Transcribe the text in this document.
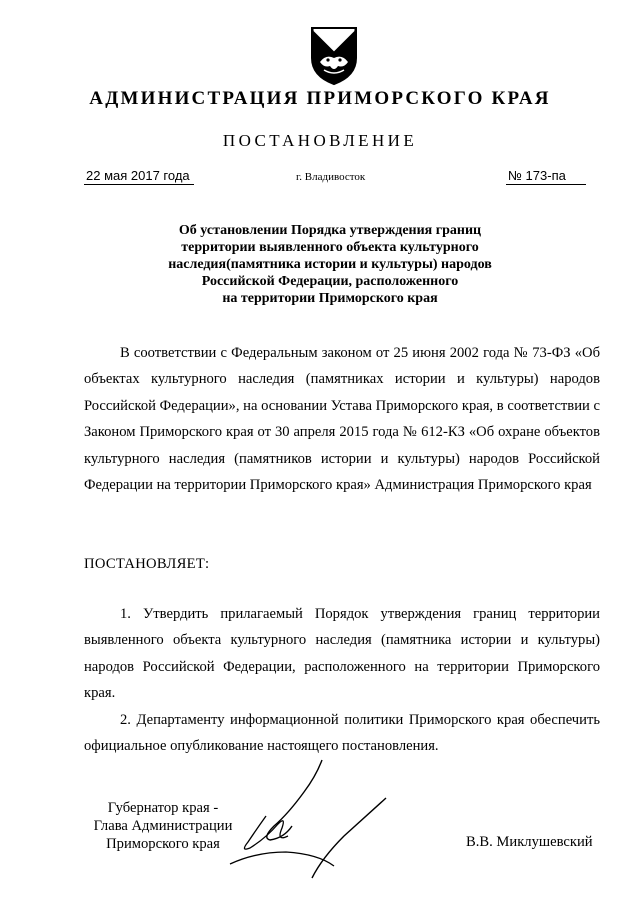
АДМИНИСТРАЦИЯ ПРИМОРСКОГО КРАЯ
ПОСТАНОВЛЕНИЕ
22 мая 2017 года	г. Владивосток	№ 173-па
Об установлении Порядка утверждения границ
территории выявленного объекта культурного
наследия(памятника истории и культуры) народов
Российской Федерации, расположенного
на территории Приморского края
В соответствии с Федеральным законом от 25 июня 2002 года № 73-ФЗ «Об объектах культурного наследия (памятниках истории и культуры) народов Российской Федерации», на основании Устава Приморского края, в соответствии с Законом Приморского края от 30 апреля 2015 года № 612-КЗ «Об охране объектов культурного наследия (памятников истории и культуры) народов Российской Федерации на территории Приморского края» Администрация Приморского края
ПОСТАНОВЛЯЕТ:
1. Утвердить прилагаемый Порядок утверждения границ территории выявленного объекта культурного наследия (памятника истории и культуры) народов Российской Федерации, расположенного на территории Приморского края.
2. Департаменту информационной политики Приморского края обеспечить официальное опубликование настоящего постановления.
Губернатор края -
Глава Администрации
Приморского края	В.В. Миклушевский
